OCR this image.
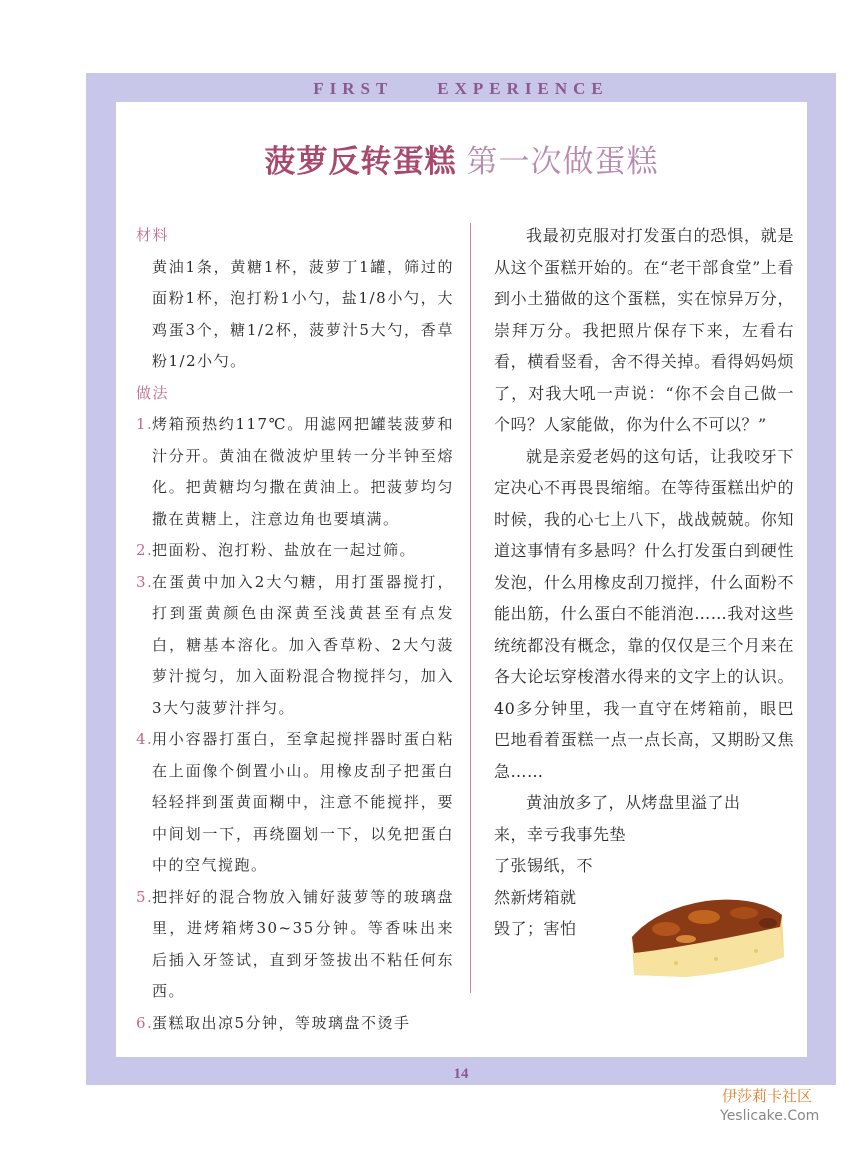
FIRST	EXPERIENCE
菠萝反转蛋糕 第一次做蛋糕
材料
黄油1条，黄糖1杯，菠萝丁1罐，筛过的面粉1杯，泡打粉1小勺，盐1/8小勺，大鸡蛋3个，糖1/2杯，菠萝汁5大勺，香草粉1/2小勺。
做法
1.
烤箱预热约117℃。用滤网把罐装菠萝和汁分开。黄油在微波炉里转一分半钟至熔化。把黄糖均匀撒在黄油上。把菠萝均匀撒在黄糖上，注意边角也要填满。
2.
把面粉、泡打粉、盐放在一起过筛。
3.
在蛋黄中加入2大勺糖，用打蛋器搅打，打到蛋黄颜色由深黄至浅黄甚至有点发白，糖基本溶化。加入香草粉、2大勺菠萝汁搅匀，加入面粉混合物搅拌匀，加入3大勺菠萝汁拌匀。
4.
用小容器打蛋白，至拿起搅拌器时蛋白粘在上面像个倒置小山。用橡皮刮子把蛋白轻轻拌到蛋黄面糊中，注意不能搅拌，要中间划一下，再绕圈划一下，以免把蛋白中的空气搅跑。
5.
把拌好的混合物放入铺好菠萝等的玻璃盘里，进烤箱烤30~35分钟。等香味出来后插入牙签试，直到牙签拔出不粘任何东西。
6.
蛋糕取出凉5分钟，等玻璃盘不烫手

我最初克服对打发蛋白的恐惧，就是从这个蛋糕开始的。在“老干部食堂”上看到小土猫做的这个蛋糕，实在惊异万分，崇拜万分。我把照片保存下来，左看右看，横看竖看，舍不得关掉。看得妈妈烦了，对我大吼一声说：“你不会自己做一个吗？人家能做，你为什么不可以？”

就是亲爱老妈的这句话，让我咬牙下定决心不再畏畏缩缩。在等待蛋糕出炉的时候，我的心七上八下，战战兢兢。你知道这事情有多悬吗？什么打发蛋白到硬性发泡，什么用橡皮刮刀搅拌，什么面粉不能出筋，什么蛋白不能消泡……我对这些统统都没有概念，靠的仅仅是三个月来在各大论坛穿梭潜水得来的文字上的认识。40多分钟里，我一直守在烤箱前，眼巴巴地看着蛋糕一点一点长高，又期盼又焦急……

黄油放多了，从烤盘里溢了出

来，幸亏我事先垫

了张锡纸，不

然新烤箱就

毁了；害怕

14
伊莎莉卡社区
Yeslicake.Com
